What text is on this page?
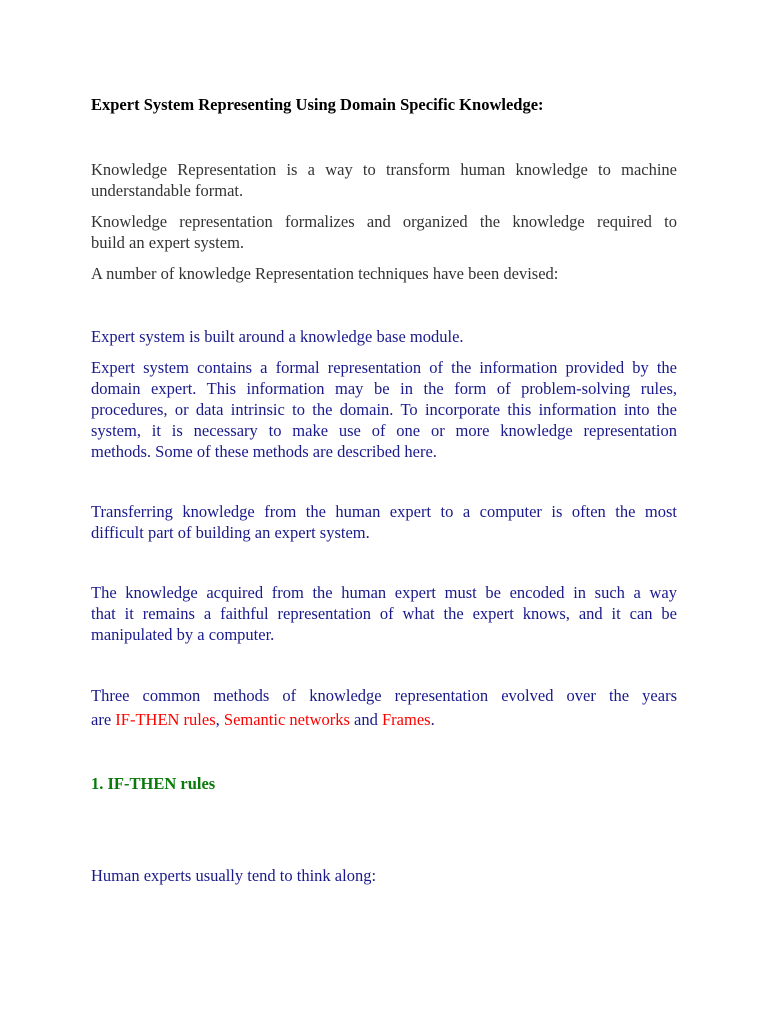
Expert System Representing Using Domain Specific Knowledge:
Knowledge Representation is a way to transform human knowledge to machine
understandable format.
Knowledge representation formalizes and organized the knowledge required to
build an expert system.
A number of knowledge Representation techniques have been devised:
Expert system is built around a knowledge base module.
Expert system contains a formal representation of the information provided by the
domain expert. This information may be in the form of problem-solving rules,
procedures, or data intrinsic to the domain. To incorporate this information into the
system, it is necessary to make use of one or more knowledge representation
methods. Some of these methods are described here.
Transferring knowledge from the human expert to a computer is often the most
difficult part of building an expert system.
The knowledge acquired from the human expert must be encoded in such a way
that it remains a faithful representation of what the expert knows, and it can be
manipulated by a computer.
Three common methods of knowledge representation evolved over the years
are IF-THEN rules, Semantic networks and Frames.
1. IF-THEN rules
Human experts usually tend to think along:
